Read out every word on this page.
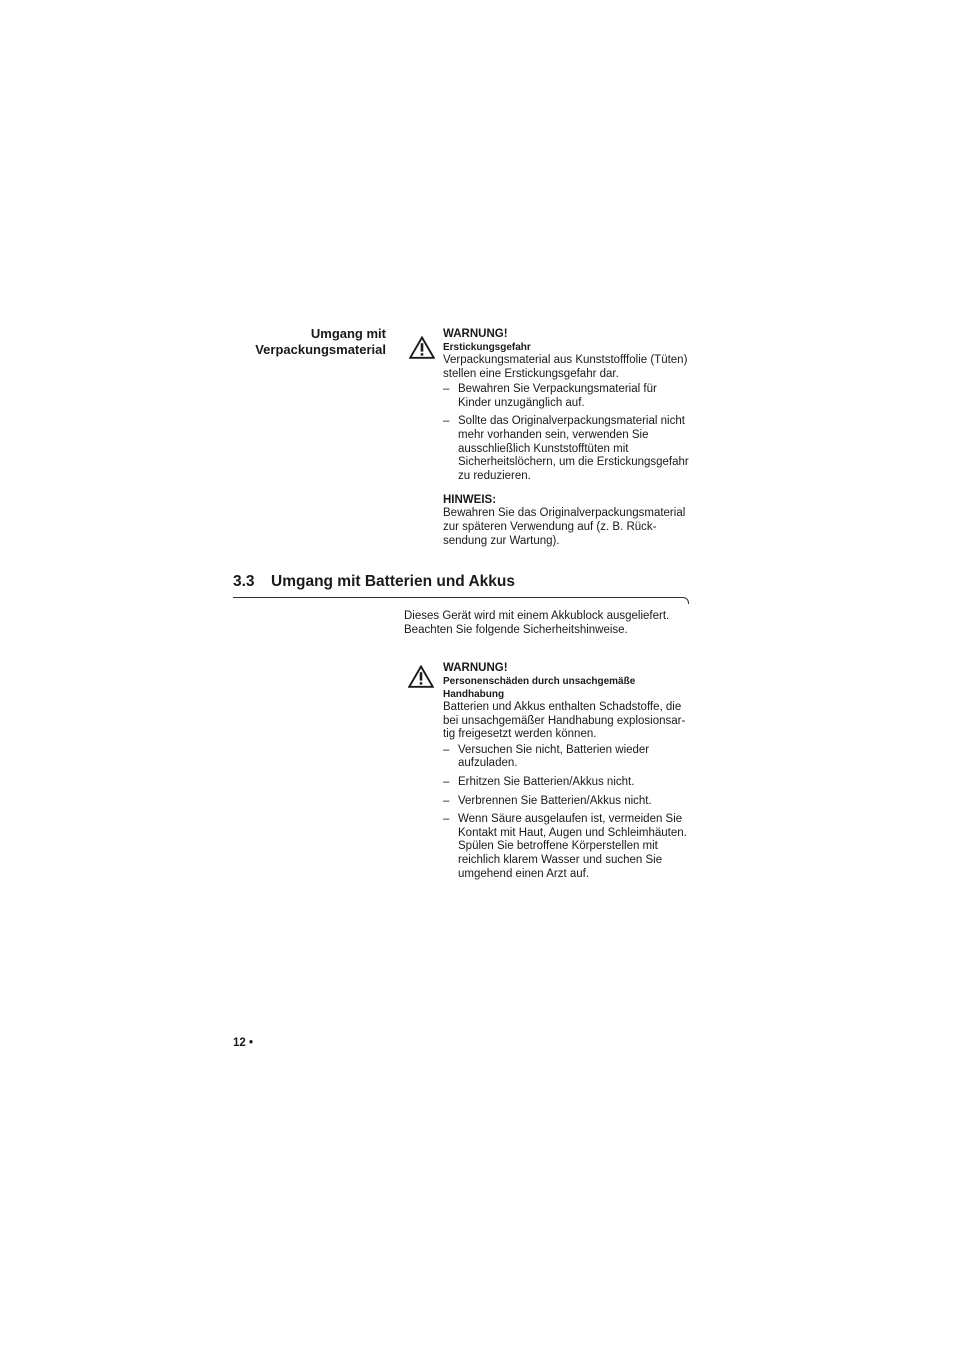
Umgang mit
Verpackungsmaterial
WARNUNG!
Erstickungsgefahr

Verpackungsmaterial aus Kunststofffolie (Tüten) stellen eine Erstickungsgefahr dar.

– Bewahren Sie Verpackungsmaterial für Kinder unzugänglich auf.
– Sollte das Originalverpackungsmaterial nicht mehr vorhanden sein, verwenden Sie ausschließlich Kunststofftüten mit Sicherheitslöchern, um die Erstickungsgefahr zu reduzieren.
HINWEIS:

Bewahren Sie das Originalverpackungsmaterial zur späteren Verwendung auf (z. B. Rück-sendung zur Wartung).

3.3 Umgang mit Batterien und Akkus

Dieses Gerät wird mit einem Akkublock ausgeliefert. Beachten Sie folgende Sicherheitshinweise.

WARNUNG!
Personenschäden durch unsachgemäße Handhabung

Batterien und Akkus enthalten Schadstoffe, die bei unsachgemäßer Handhabung explosionsar-tig freigesetzt werden können.

– Versuchen Sie nicht, Batterien wieder aufzuladen.
– Erhitzen Sie Batterien/Akkus nicht.
– Verbrennen Sie Batterien/Akkus nicht.
– Wenn Säure ausgelaufen ist, vermeiden Sie Kontakt mit Haut, Augen und Schleimhäuten. Spülen Sie betroffene Körperstellen mit reichlich klarem Wasser und suchen Sie umgehend einen Arzt auf.
12 •
